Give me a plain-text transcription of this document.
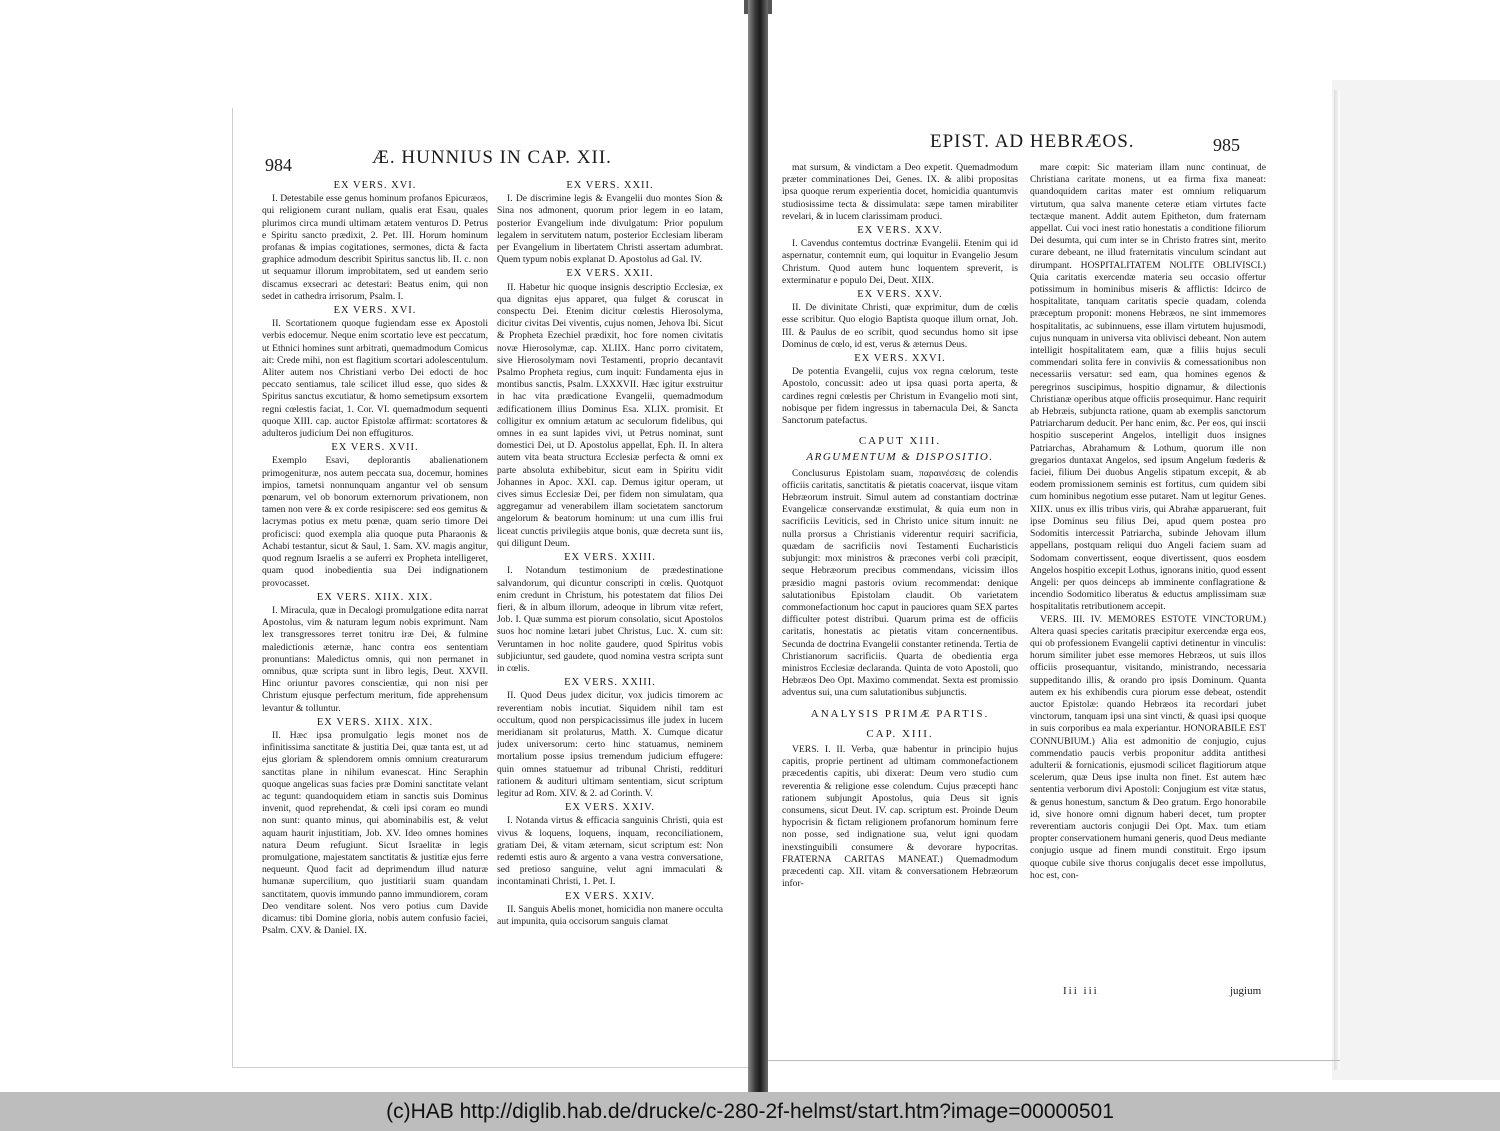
984	Æ. HUNNIUS IN CAP. XII.

EX VERS. XVI.

I. Detestabile esse genus hominum profanos Epicuræos, qui religionem curant nullam, qualis erat Esau, quales plurimos circa mundi ultimam ætatem venturos D. Petrus e Spiritu sancto prædixit, 2. Pet. III. Horum hominum profanas & impias cogitationes, sermones, dicta & facta graphice admodum describit Spiritus sanctus lib. II. c. non ut sequamur illorum improbitatem, sed ut eandem serio discamus exsecrari ac detestari: Beatus enim, qui non sedet in cathedra irrisorum, Psalm. I.

EX VERS. XVI.

II. Scortationem quoque fugiendam esse ex Apostoli verbis edocemur. Neque enim scortatio leve est peccatum, ut Ethnici homines sunt arbitrati, quemadmodum Comicus ait: Crede mihi, non est flagitium scortari adolescentulum. Aliter autem nos Christiani verbo Dei edocti de hoc peccato sentiamus, tale scilicet illud esse, quo sides & Spiritus sanctus excutiatur, & homo semetipsum exsortem regni cœlestis faciat, 1. Cor. VI. quemadmodum sequenti quoque XIII. cap. auctor Epistolæ affirmat: scortatores & adulteros judicium Dei non effugituros.

EX VERS. XVII.

Exemplo Esavi, deplorantis abalienationem primogenituræ, nos autem peccata sua, docemur, homines impios, tametsi nonnunquam angantur vel ob sensum pœnarum, vel ob bonorum externorum privationem, non tamen non vere & ex corde resipiscere: sed eos gemitus & lacrymas potius ex metu pœnæ, quam serio timore Dei proficisci: quod exempla alia quoque puta Pharaonis & Achabi testantur, sicut & Saul, 1. Sam. XV. magis angitur, quod regnum Israelis a se auferri ex Propheta intelligeret, quam quod inobedientia sua Dei indignationem provocasset.

EX VERS. XIIX. XIX.

I. Miracula, quæ in Decalogi promulgatione edita narrat Apostolus, vim & naturam legum nobis exprimunt. Nam lex transgressores terret tonitru iræ Dei, & fulmine maledictionis æternæ, hanc contra eos sententiam pronuntians: Maledictus omnis, qui non permanet in omnibus, quæ scripta sunt in libro legis, Deut. XXVII. Hinc oriuntur pavores conscientiæ, qui non nisi per Christum ejusque perfectum meritum, fide apprehensum levantur & tolluntur.

EX VERS. XIIX. XIX.

II. Hæc ipsa promulgatio legis monet nos de infinitissima sanctitate & justitia Dei, quæ tanta est, ut ad ejus gloriam & splendorem omnis omnium creaturarum sanctitas plane in nihilum evanescat. Hinc Seraphin quoque angelicas suas facies præ Domini sanctitate velant ac tegunt: quandoquidem etiam in sanctis suis Dominus invenit, quod reprehendat, & cœli ipsi coram eo mundi non sunt: quanto minus, qui abominabilis est, & velut aquam haurit injustitiam, Job. XV. Ideo omnes homines natura Deum refugiunt. Sicut Israelitæ in legis promulgatione, majestatem sanctitatis & justitiæ ejus ferre nequeunt. Quod facit ad deprimendum illud naturæ humanæ supercilium, quo justitiarii suam quandam sanctitatem, quovis immundo panno immundiorem, coram Deo venditare solent. Nos vero potius cum Davide dicamus: tibi Domine gloria, nobis autem confusio faciei, Psalm. CXV. & Daniel. IX.

EX VERS. XXII.

I. De discrimine legis & Evangelii duo montes Sion & Sina nos admonent, quorum prior legem in eo latam, posterior Evangelium inde divulgatum: Prior populum legalem in servitutem natum, posterior Ecclesiam liberam per Evangelium in libertatem Christi assertam adumbrat. Quem typum nobis explanat D. Apostolus ad Gal. IV.

EX VERS. XXII.

II. Habetur hic quoque insignis descriptio Ecclesiæ, ex qua dignitas ejus apparet, qua fulget & coruscat in conspectu Dei. Etenim dicitur cœlestis Hierosolyma, dicitur civitas Dei viventis, cujus nomen, Jehova Ibi. Sicut & Propheta Ezechiel prædixit, hoc fore nomen civitatis novæ Hierosolymæ, cap. XLIIX. Hanc porro civitatem, sive Hierosolymam novi Testamenti, proprio decantavit Psalmo Propheta regius, cum inquit: Fundamenta ejus in montibus sanctis, Psalm. LXXXVII. Hæc igitur exstruitur in hac vita prædicatione Evangelii, quemadmodum ædificationem illius Dominus Esa. XLIX. promisit. Et colligitur ex omnium ætatum ac seculorum fidelibus, qui omnes in ea sunt lapides vivi, ut Petrus nominat, sunt domestici Dei, ut D. Apostolus appellat, Eph. II. In altera autem vita beata structura Ecclesiæ perfecta & omni ex parte absoluta exhibebitur, sicut eam in Spiritu vidit Johannes in Apoc. XXI. cap. Demus igitur operam, ut cives simus Ecclesiæ Dei, per fidem non simulatam, qua aggregamur ad venerabilem illam societatem sanctorum angelorum & beatorum hominum: ut una cum illis frui liceat cunctis privilegiis atque bonis, quæ decreta sunt iis, qui diligunt Deum.

EX VERS. XXIII.

I. Notandum testimonium de prædestinatione salvandorum, qui dicuntur conscripti in cœlis. Quotquot enim credunt in Christum, his potestatem dat filios Dei fieri, & in album illorum, adeoque in librum vitæ refert, Job. I. Quæ summa est piorum consolatio, sicut Apostolos suos hoc nomine lætari jubet Christus, Luc. X. cum sit: Veruntamen in hoc nolite gaudere, quod Spiritus vobis subjiciuntur, sed gaudete, quod nomina vestra scripta sunt in cœlis.

EX VERS. XXIII.

II. Quod Deus judex dicitur, vox judicis timorem ac reverentiam nobis incutiat. Siquidem nihil tam est occultum, quod non perspicacissimus ille judex in lucem meridianam sit prolaturus, Matth. X. Cumque dicatur judex universorum: certo hinc statuamus, neminem mortalium posse ipsius tremendum judicium effugere: quin omnes statuemur ad tribunal Christi, reddituri rationem & audituri ultimam sententiam, sicut scriptum legitur ad Rom. XIV. & 2. ad Corinth. V.

EX VERS. XXIV.

I. Notanda virtus & efficacia sanguinis Christi, quia est vivus & loquens, loquens, inquam, reconciliationem, gratiam Dei, & vitam æternam, sicut scriptum est: Non redemti estis auro & argento a vana vestra conversatione, sed pretioso sanguine, velut agni immaculati & incontaminati Christi, 1. Pet. I.

EX VERS. XXIV.

II. Sanguis Abelis monet, homicidia non manere occulta aut impunita, quia occisorum sanguis clamat

EPIST. AD HEBRÆOS.	985

mat sursum, & vindictam a Deo expetit. Quemadmodum præter comminationes Dei, Genes. IX. & alibi propositas ipsa quoque rerum experientia docet, homicidia quantumvis studiosissime tecta & dissimulata: sæpe tamen mirabiliter revelari, & in lucem clarissimam produci.

EX VERS. XXV.

I. Cavendus contemtus doctrinæ Evangelii. Etenim qui id aspernatur, contemnit eum, qui loquitur in Evangelio Jesum Christum. Quod autem hunc loquentem spreverit, is exterminatur e populo Dei, Deut. XIIX.

EX VERS. XXV.

II. De divinitate Christi, quæ exprimitur, dum de cœlis esse scribitur. Quo elogio Baptista quoque illum ornat, Joh. III. & Paulus de eo scribit, quod secundus homo sit ipse Dominus de cœlo, id est, verus & æternus Deus.

EX VERS. XXVI.

De potentia Evangelii, cujus vox regna cœlorum, teste Apostolo, concussit: adeo ut ipsa quasi porta aperta, & cardines regni cœlestis per Christum in Evangelio moti sint, nobisque per fidem ingressus in tabernacula Dei, & Sancta Sanctorum patefactus.

CAPUT XIII.

ARGUMENTUM & DISPOSITIO.

Conclusurus Epistolam suam, παραινέσεις de colendis officiis caritatis, sanctitatis & pietatis coacervat, iisque vitam Hebræorum instruit. Simul autem ad constantiam doctrinæ Evangelicæ conservandæ exstimulat, & quia eum non in sacrificiis Leviticis, sed in Christo unice situm innuit: ne nulla prorsus a Christianis viderentur requiri sacrificia, quædam de sacrificiis novi Testamenti Eucharisticis subjungit: mox ministros & præcones verbi coli præcipit, seque Hebræorum precibus commendans, vicissim illos præsidio magni pastoris ovium recommendat: denique salutationibus Epistolam claudit. Ob varietatem commonefactionum hoc caput in pauciores quam SEX partes difficulter potest distribui. Quarum prima est de officiis caritatis, honestatis ac pietatis vitam concernentibus. Secunda de doctrina Evangelii constanter retinenda. Tertia de Christianorum sacrificiis. Quarta de obedientia erga ministros Ecclesiæ declaranda. Quinta de voto Apostoli, quo Hebræos Deo Opt. Maximo commendat. Sexta est promissio adventus sui, una cum salutationibus subjunctis.

ANALYSIS PRIMÆ PARTIS.

CAP. XIII.

VERS. I. II. Verba, quæ habentur in principio hujus capitis, proprie pertinent ad ultimam commonefactionem præcedentis capitis, ubi dixerat: Deum vero studio cum reverentia & religione esse colendum. Cujus præcepti hanc rationem subjungit Apostolus, quia Deus sit ignis consumens, sicut Deut. IV. cap. scriptum est. Proinde Deum hypocrisin & fictam religionem profanorum hominum ferre non posse, sed indignatione sua, velut igni quodam inexstinguibili consumere & devorare hypocritas. FRATERNA CARITAS MANEAT.) Quemadmodum præcedenti cap. XII. vitam & conversationem Hebræorum infor-

mare cœpit: Sic materiam illam nunc continuat, de Christiana caritate monens, ut ea firma fixa maneat: quandoquidem caritas mater est omnium reliquarum virtutum, qua salva manente ceteræ etiam virtutes facte tectæque manent. Addit autem Epitheton, dum fraternam appellat. Cui voci inest ratio honestatis a conditione filiorum Dei desumta, qui cum inter se in Christo fratres sint, merito curare debeant, ne illud fraternitatis vinculum scindant aut dirumpant. HOSPITALITATEM NOLITE OBLIVISCI.) Quia caritatis exercendæ materia seu occasio offertur potissimum in hominibus miseris & afflictis: Idcirco de hospitalitate, tanquam caritatis specie quadam, colenda præceptum proponit: monens Hebræos, ne sint immemores hospitalitatis, ac subinnuens, esse illam virtutem hujusmodi, cujus nunquam in universa vita obliviscì debeant. Non autem intelligit hospitalitatem eam, quæ a filiis hujus seculi commendari solita fere in conviviis & comessationibus non necessariis versatur: sed eam, qua homines egenos & peregrinos suscipimus, hospitio dignamur, & dilectionis Christianæ operibus atque officiis prosequimur. Hanc requirit ab Hebræis, subjuncta ratione, quam ab exemplis sanctorum Patriarcharum deducit. Per hanc enim, &c. Per eos, qui inscii hospitio susceperint Angelos, intelligit duos insignes Patriarchas, Abrahamum & Lothum, quorum ille non gregarios duntaxat Angelos, sed ipsum Angelum fœderis & faciei, filium Dei duobus Angelis stipatum excepit, & ab eodem promissionem seminis est fortitus, cum quidem sibi cum hominibus negotium esse putaret. Nam ut legitur Genes. XIIX. unus ex illis tribus viris, qui Abrahæ apparuerant, fuit ipse Dominus seu filius Dei, apud quem postea pro Sodomitis intercessit Patriarcha, subinde Jehovam illum appellans, postquam reliqui duo Angeli faciem suam ad Sodomam convertissent, eoque divertissent, quos eosdem Angelos hospitio excepit Lothus, ignorans initio, quod essent Angeli: per quos deinceps ab imminente conflagratione & incendio Sodomitico liberatus & eductus amplissimam suæ hospitalitatis retributionem accepit.

VERS. III. IV. MEMORES ESTOTE VINCTORUM.) Altera quasi species caritatis præcipitur exercendæ erga eos, qui ob professionem Evangelii captivi detinentur in vinculis: horum similiter jubet esse memores Hebræos, ut suis illos officiis prosequantur, visitando, ministrando, necessaria suppeditando illis, & orando pro ipsis Dominum. Quanta autem ex his exhibendis cura piorum esse debeat, ostendit auctor Epistolæ: quando Hebræos ita recordari jubet vinctorum, tanquam ipsi una sint vincti, & quasi ipsi quoque in suis corporibus ea mala experiantur. HONORABILE EST CONNUBIUM.) Alia est admonitio de conjugio, cujus commendatio paucis verbis proponitur addita antithesi adulterii & fornicationis, ejusmodi scilicet flagitiorum atque scelerum, quæ Deus ipse inulta non finet. Est autem hæc sententia verborum divi Apostoli: Conjugium est vitæ status, & genus honestum, sanctum & Deo gratum. Ergo honorabile id, sive honore omni dignum haberi decet, tum propter reverentiam auctoris conjugii Dei Opt. Max. tum etiam propter conservationem humani generis, quod Deus mediante conjugio usque ad finem mundi constituit. Ergo ipsum quoque cubile sive thorus conjugalis decet esse impollutus, hoc est, con-

Iii iii	jugium
(c)HAB http://diglib.hab.de/drucke/c-280-2f-helmst/start.htm?image=00000501
